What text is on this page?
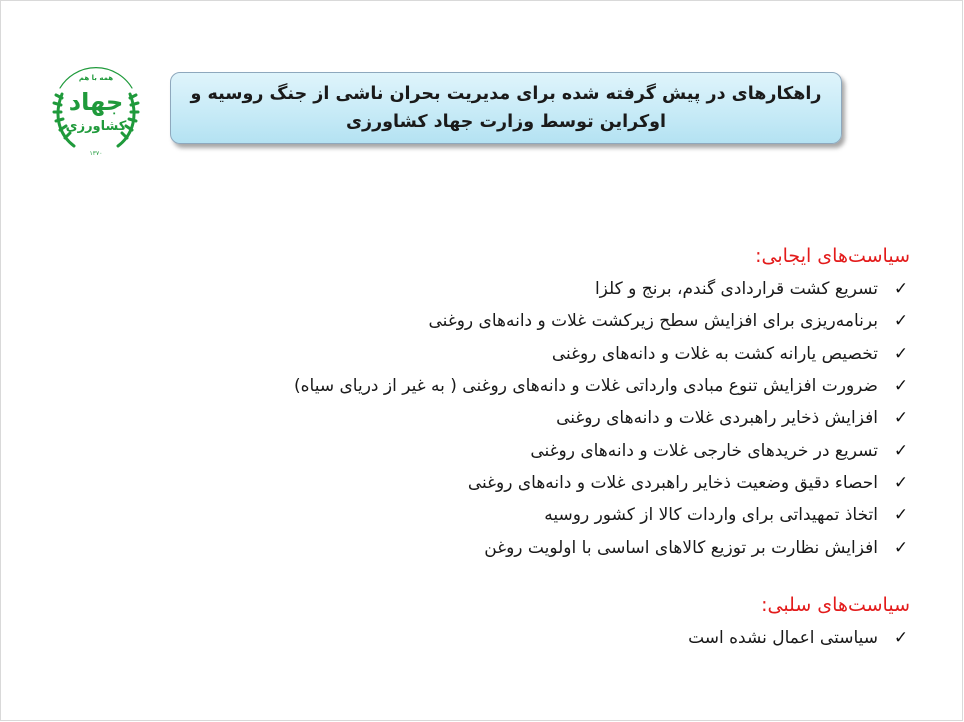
همه با هم
جهاد
کشاورزی
۱۳۷۰
راهکارهای در پیش گرفته شده برای مدیریت بحران ناشی از جنگ روسیه و اوکراین توسط وزارت جهاد کشاورزی
سیاست‌های ایجابی:
✓
تسریع کشت قراردادی گندم، برنج و کلزا
✓
برنامه‌ریزی برای افزایش سطح زیرکشت غلات و دانه‌های روغنی
✓
تخصیص یارانه کشت به غلات و دانه‌های روغنی
✓
ضرورت افزایش تنوع مبادی وارداتی غلات و دانه‌های روغنی ( به غیر از دریای سیاه)
✓
افزایش ذخایر راهبردی غلات و دانه‌های روغنی
✓
تسریع در خریدهای خارجی غلات و دانه‌های روغنی
✓
احصاء دقیق وضعیت ذخایر راهبردی غلات و دانه‌های روغنی
✓
اتخاذ تمهیداتی برای واردات کالا از کشور روسیه
✓
افزایش نظارت بر توزیع کالاهای اساسی با اولویت روغن
سیاست‌های سلبی:
✓
سیاستی اعمال نشده است
